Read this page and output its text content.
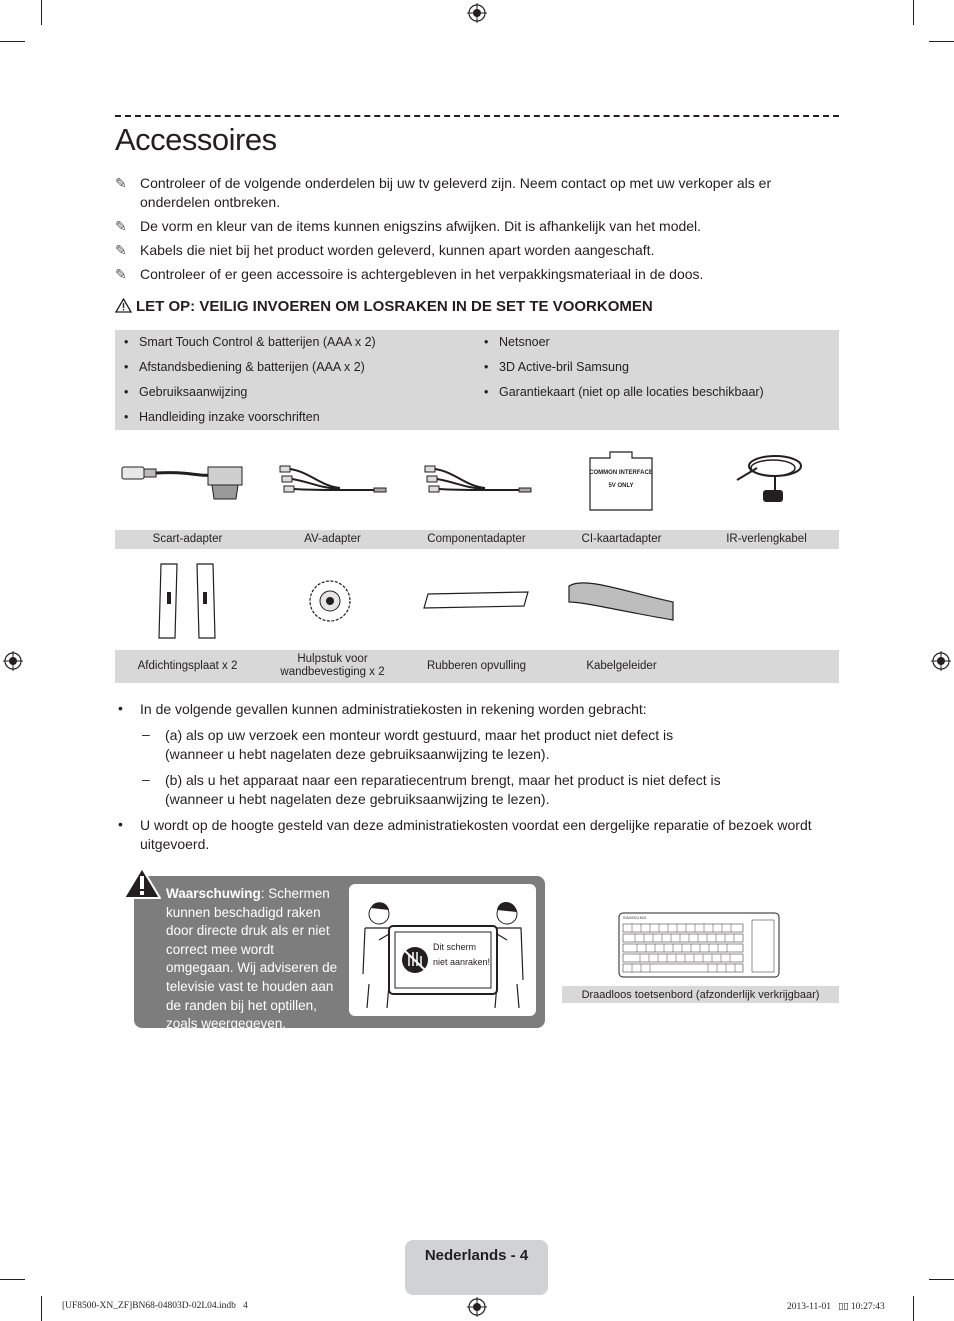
Accessoires
✎ Controleer of de volgende onderdelen bij uw tv geleverd zijn. Neem contact op met uw verkoper als er onderdelen ontbreken.
✎ De vorm en kleur van de items kunnen enigszins afwijken. Dit is afhankelijk van het model.
✎ Kabels die niet bij het product worden geleverd, kunnen apart worden aangeschaft.
✎ Controleer of er geen accessoire is achtergebleven in het verpakkingsmateriaal in de doos.
LET OP: VEILIG INVOEREN OM LOSRAKEN IN DE SET TE VOORKOMEN
• Smart Touch Control & batterijen (AAA x 2)
• Afstandsbediening & batterijen (AAA x 2)
• Gebruiksaanwijzing
• Handleiding inzake voorschriften
• Netsnoer
• 3D Active-bril Samsung
• Garantiekaart (niet op alle locaties beschikbaar)
COMMON INTERFACE
5V ONLY
Scart-adapter	AV-adapter	Componentadapter	CI-kaartadapter	IR-verlengkabel
Afdichtingsplaat x 2
Hulpstuk voor
wandbevestiging x 2	Rubberen opvulling	Kabelgeleider
• In de volgende gevallen kunnen administratiekosten in rekening worden gebracht:
– (a) als op uw verzoek een monteur wordt gestuurd, maar het product niet defect is (wanneer u hebt nagelaten deze gebruiksaanwijzing te lezen).
– (b) als u het apparaat naar een reparatiecentrum brengt, maar het product is niet defect is (wanneer u hebt nagelaten deze gebruiksaanwijzing te lezen).
• U wordt op de hoogte gesteld van deze administratiekosten voordat een dergelijke reparatie of bezoek wordt uitgevoerd.
Waarschuwing: Schermen kunnen beschadigd raken door directe druk als er niet correct mee wordt omgegaan. Wij adviseren de televisie vast te houden aan de randen bij het optillen, zoals weergegeven.
Dit scherm
niet aanraken!
SAMSUNG
Draadloos toetsenbord (afzonderlijk verkrijgbaar)
Nederlands - 4
[UF8500-XN_ZF]BN68-04803D-02L04.indb   4	2013-11-01   ▯▯ 10:27:43
